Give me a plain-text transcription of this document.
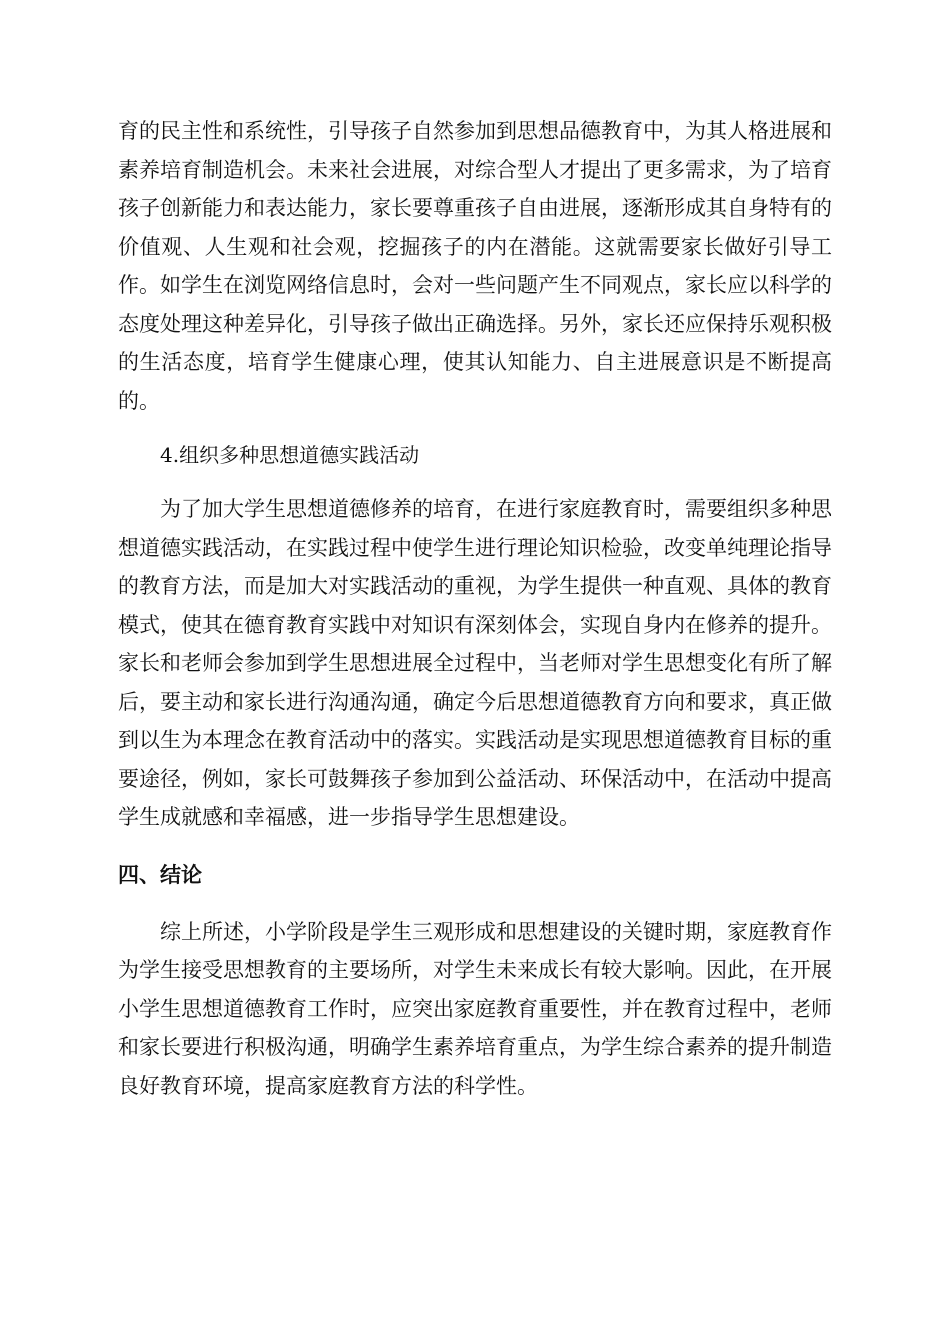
育的民主性和系统性，引导孩子自然参加到思想品德教育中，为其人格进展和素养培育制造机会。未来社会进展，对综合型人才提出了更多需求，为了培育孩子创新能力和表达能力，家长要尊重孩子自由进展，逐渐形成其自身特有的价值观、人生观和社会观，挖掘孩子的内在潜能。这就需要家长做好引导工作。如学生在浏览网络信息时，会对一些问题产生不同观点，家长应以科学的态度处理这种差异化，引导孩子做出正确选择。另外，家长还应保持乐观积极的生活态度，培育学生健康心理，使其认知能力、自主进展意识是不断提高的。

4.组织多种思想道德实践活动

为了加大学生思想道德修养的培育，在进行家庭教育时，需要组织多种思想道德实践活动，在实践过程中使学生进行理论知识检验，改变单纯理论指导的教育方法，而是加大对实践活动的重视，为学生提供一种直观、具体的教育模式，使其在德育教育实践中对知识有深刻体会，实现自身内在修养的提升。家长和老师会参加到学生思想进展全过程中，当老师对学生思想变化有所了解后，要主动和家长进行沟通沟通，确定今后思想道德教育方向和要求，真正做到以生为本理念在教育活动中的落实。实践活动是实现思想道德教育目标的重要途径，例如，家长可鼓舞孩子参加到公益活动、环保活动中，在活动中提高学生成就感和幸福感，进一步指导学生思想建设。

四、结论

综上所述，小学阶段是学生三观形成和思想建设的关键时期，家庭教育作为学生接受思想教育的主要场所，对学生未来成长有较大影响。因此，在开展小学生思想道德教育工作时，应突出家庭教育重要性，并在教育过程中，老师和家长要进行积极沟通，明确学生素养培育重点，为学生综合素养的提升制造良好教育环境，提高家庭教育方法的科学性。
